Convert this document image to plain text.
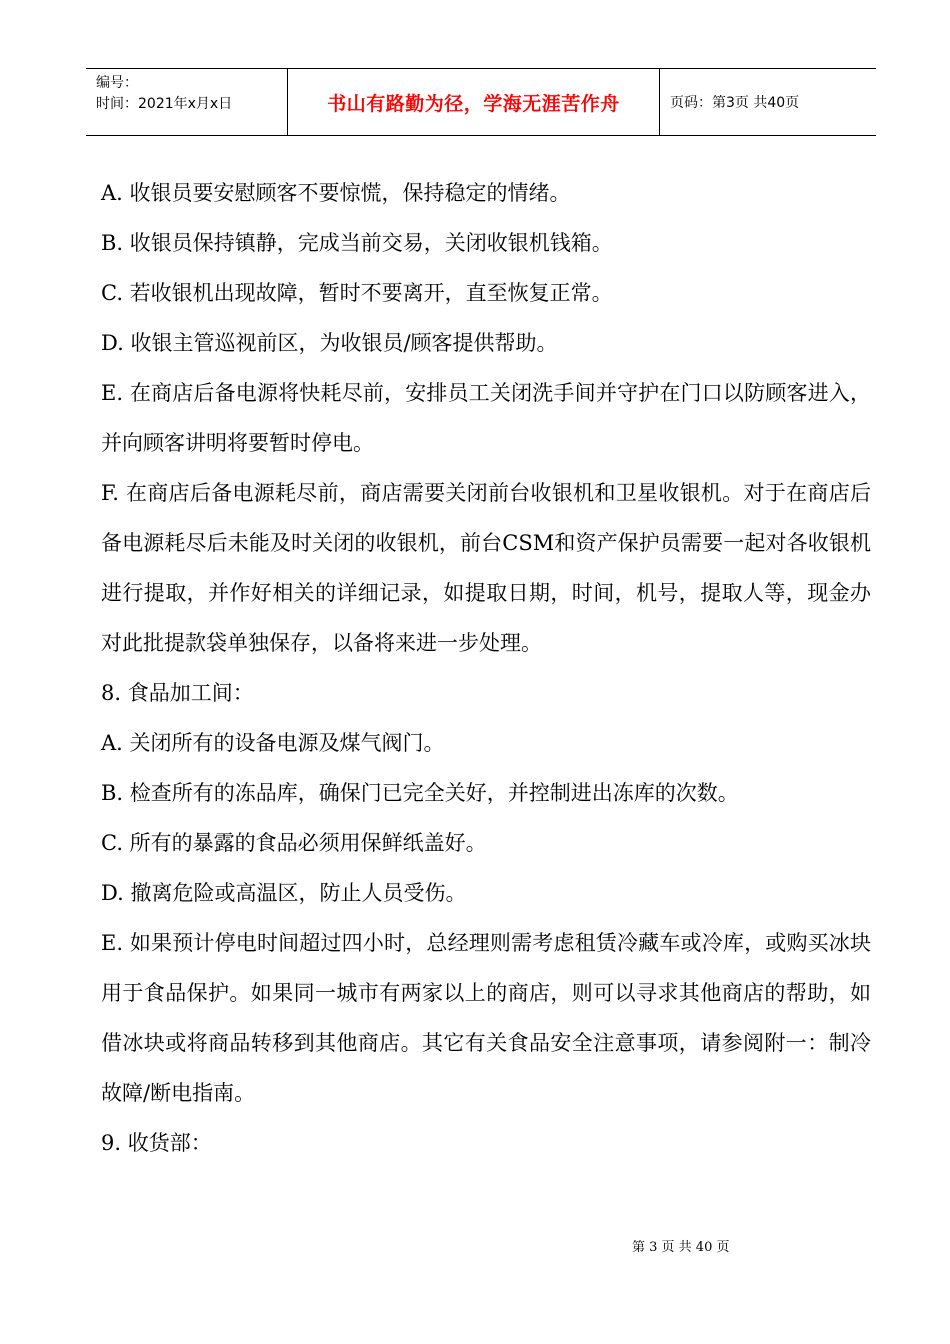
编号：
时间：2021年x月x日	书山有路勤为径，学海无涯苦作舟	页码：第3页 共40页

A. 收银员要安慰顾客不要惊慌，保持稳定的情绪。

B. 收银员保持镇静，完成当前交易，关闭收银机钱箱。

C. 若收银机出现故障，暂时不要离开，直至恢复正常。

D. 收银主管巡视前区，为收银员/顾客提供帮助。

E. 在商店后备电源将快耗尽前，安排员工关闭洗手间并守护在门口以防顾客进入，并向顾客讲明将要暂时停电。

F. 在商店后备电源耗尽前，商店需要关闭前台收银机和卫星收银机。对于在商店后备电源耗尽后未能及时关闭的收银机，前台CSM和资产保护员需要一起对各收银机进行提取，并作好相关的详细记录，如提取日期，时间，机号，提取人等，现金办对此批提款袋单独保存，以备将来进一步处理。

8. 食品加工间：

A. 关闭所有的设备电源及煤气阀门。

B. 检查所有的冻品库，确保门已完全关好，并控制进出冻库的次数。

C. 所有的暴露的食品必须用保鲜纸盖好。

D. 撤离危险或高温区，防止人员受伤。

E. 如果预计停电时间超过四小时，总经理则需考虑租赁冷藏车或冷库，或购买冰块用于食品保护。如果同一城市有两家以上的商店，则可以寻求其他商店的帮助，如借冰块或将商品转移到其他商店。其它有关食品安全注意事项，请参阅附一：制冷故障/断电指南。

9. 收货部：

第 3 页 共 40 页
